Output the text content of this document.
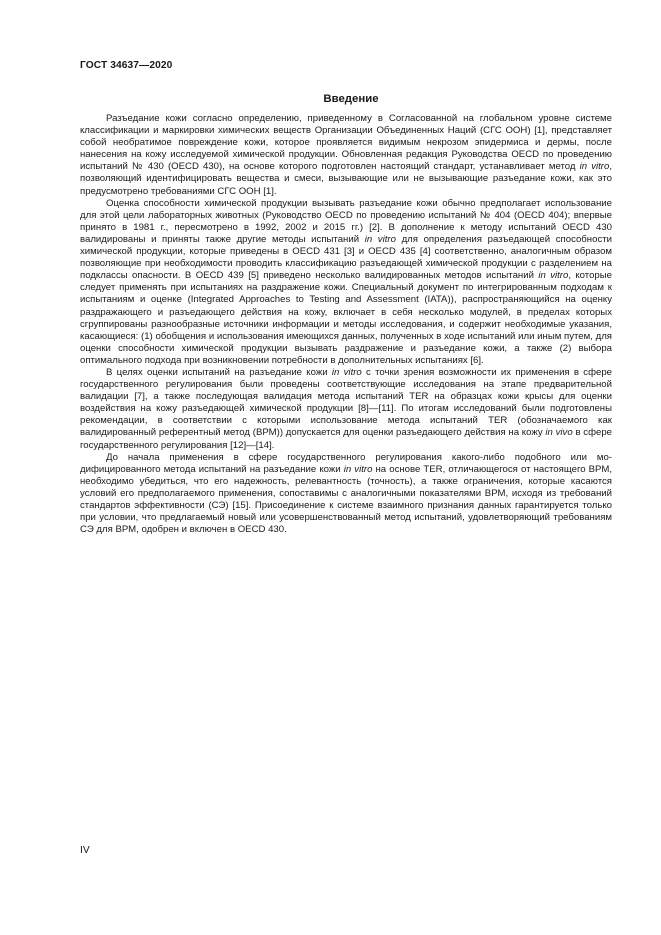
ГОСТ 34637—2020
Введение

Разъедание кожи согласно определению, приведенному в Согласованной на глобальном уровне системе классификации и маркировки химических веществ Организации Объединенных Наций (СГС ООН) [1], представляет собой необратимое повреждение кожи, которое проявляется видимым некрозом эпидермиса и дермы, после нанесения на кожу исследуемой химической продукции. Обновленная редакция Руководства OECD по проведению испытаний № 430 (OECD 430), на основе которого подготовлен настоящий стандарт, устанавливает метод in vitro, позволяющий идентифицировать вещества и смеси, вызывающие или не вызывающие разъедание кожи, как это предусмотрено требованиями СГС ООН [1].

Оценка способности химической продукции вызывать разъедание кожи обычно предполагает использование для этой цели лабораторных животных (Руководство OECD по проведению испытаний № 404 (OECD 404); впервые принято в 1981 г., пересмотрено в 1992, 2002 и 2015 гг.) [2]. В дополнение к методу испытаний OECD 430 валидированы и приняты также другие методы испытаний in vitro для определения разъедающей способности химической продукции, которые приведены в OECD 431 [3] и OECD 435 [4] соответственно, аналогичным образом позволяющие при необходимости проводить классификацию разъедающей химической продукции с разделением на подклассы опасности. В OECD 439 [5] приведено несколько валидированных методов испытаний in vitro, которые следует применять при испытаниях на раздражение кожи. Специальный документ по интегрированным подходам к испытаниям и оценке (Integrated Approaches to Testing and Assessment (IATA)), распространяющийся на оценку раздражающего и разъедающего действия на кожу, включает в себя несколько модулей, в пределах которых сгруппированы разнообразные источники информации и методы исследования, и содержит необходимые указания, касающиеся: (1) обобщения и использования имеющихся данных, полученных в ходе испытаний или иным путем, для оценки способности химической продукции вызывать раздражение и разъедание кожи, а также (2) выбора оптимального подхода при возникновении потребности в дополнительных испытаниях [6].

В целях оценки испытаний на разъедание кожи in vitro с точки зрения возможности их применения в сфере государственного регулирования были проведены соответствующие исследования на этапе предварительной валидации [7], а также последующая валидация метода испытаний TER на образцах кожи крысы для оценки воздействия на кожу разъедающей химической продукции [8]—[11]. По итогам исследований были подготовлены рекомендации, в соответствии с которыми использование метода испытаний TER (обозначаемого как валидированный референтный метод (ВРМ)) допускается для оценки разъедающего действия на кожу in vivo в сфере государственного регулирования [12]—[14].

До начала применения в сфере государственного регулирования какого-либо подобного или модифицированного метода испытаний на разъедание кожи in vitro на основе TER, отличающегося от настоящего ВРМ, необходимо убедиться, что его надежность, релевантность (точность), а также ограничения, которые касаются условий его предполагаемого применения, сопоставимы с аналогичными показателями ВРМ, исходя из требований стандартов эффективности (СЭ) [15]. Присоединение к системе взаимного признания данных гарантируется только при условии, что предлагаемый новый или усовершенствованный метод испытаний, удовлетворяющий требованиям СЭ для ВРМ, одобрен и включен в OECD 430.

IV
